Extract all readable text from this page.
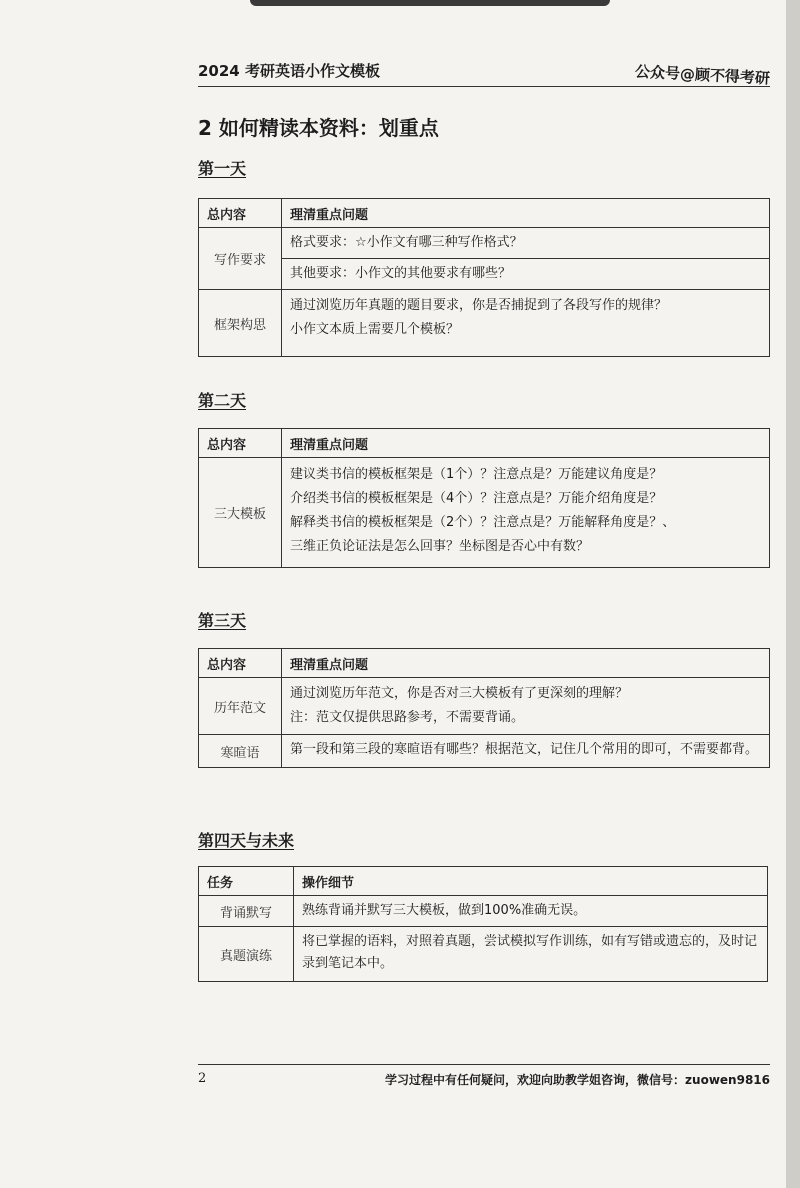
2024 考研英语小作文模板	公众号@顾不得考研
2 如何精读本资料：划重点
第一天
总内容	理清重点问题
写作要求	格式要求：☆小作文有哪三种写作格式？
	其他要求：小作文的其他要求有哪些？
框架构思	通过浏览历年真题的题目要求，你是否捕捉到了各段写作的规律？
小作文本质上需要几个模板？
第二天
总内容	理清重点问题
三大模板	建议类书信的模板框架是（1个）？注意点是？万能建议角度是？
介绍类书信的模板框架是（4个）？注意点是？万能介绍角度是？
解释类书信的模板框架是（2个）？注意点是？万能解释角度是？、
三维正负论证法是怎么回事？坐标图是否心中有数？
第三天
总内容	理清重点问题
历年范文	通过浏览历年范文，你是否对三大模板有了更深刻的理解？
注：范文仅提供思路参考，不需要背诵。

寒暄语	第一段和第三段的寒暄语有哪些？根据范文，记住几个常用的即可，不需要都背。
第四天与未来
任务	操作细节
背诵默写	熟练背诵并默写三大模板，做到100%准确无误。
真题演练	将已掌握的语料，对照着真题，尝试模拟写作训练，如有写错或遗忘的，及时记录到笔记本中。
2	学习过程中有任何疑问，欢迎向助教学姐咨询，微信号：zuowen9816
